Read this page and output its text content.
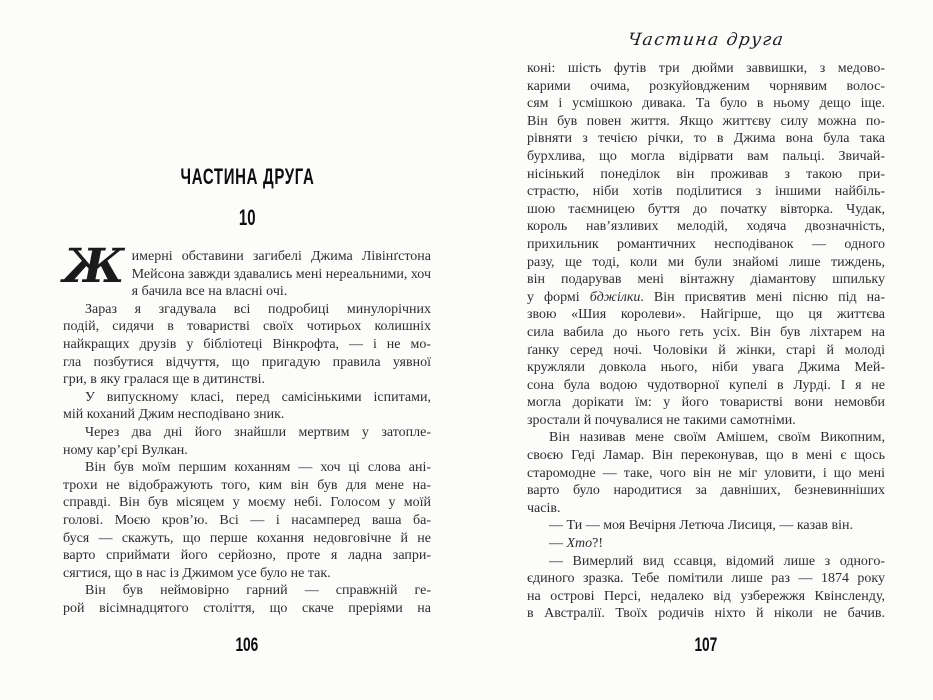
ЧАСТИНА ДРУГА
10
Ж имерні обставини загибелі Джима Лівінґстона
Мейсона завжди здавались мені нереальними, хоч
я бачила все на власні очі.
Зараз я згадувала всі подробиці минулорічних
подій, сидячи в товаристві своїх чотирьох колишніх
найкращих друзів у бібліотеці Вінкрофта, — і не мо-
гла позбутися відчуття, що пригадую правила уявної
гри, в яку гралася ще в дитинстві.
У випускному класі, перед самісінькими іспитами,
мій коханий Джим несподівано зник.
Через два дні його знайшли мертвим у затопле-
ному кар’єрі Вулкан.
Він був моїм першим коханням — хоч ці слова ані-
трохи не відображують того, ким він був для мене на-
справді. Він був місяцем у моєму небі. Голосом у моїй
голові. Моєю кров’ю. Всі — і насамперед ваша ба-
буся — скажуть, що перше кохання недовговічне й не
варто сприймати його серйозно, проте я ладна запри-
сягтися, що в нас із Джимом усе було не так.
Він був неймовірно гарний — справжній ге-
рой вісімнадцятого століття, що скаче преріями на
106
Частина друга
коні: шість футів три дюйми заввишки, з медово-
карими очима, розкуйовдженим чорнявим волос-
сям і усмішкою дивака. Та було в ньому дещо іще.
Він був повен життя. Якщо життєву силу можна по-
рівняти з течією річки, то в Джима вона була така
бурхлива, що могла відірвати вам пальці. Звичай-
нісінький понеділок він проживав з такою при-
страстю, ніби хотів поділитися з іншими найбіль-
шою таємницею буття до початку вівторка. Чудак,
король нав’язливих мелодій, ходяча двозначність,
прихильник романтичних несподіванок — одного
разу, ще тоді, коли ми були знайомі лише тиждень,
він подарував мені вінтажну діамантову шпильку
у формі бджілки. Він присвятив мені пісню під на-
звою «Шия королеви». Найгірше, що ця життєва
сила вабила до нього геть усіх. Він був ліхтарем на
ґанку серед ночі. Чоловіки й жінки, старі й молоді
кружляли довкола нього, ніби увага Джима Мей-
сона була водою чудотворної купелі в Лурді. І я не
могла дорікати їм: у його товаристві вони немовби
зростали й почувалися не такими самотніми.
Він називав мене своїм Амішем, своїм Викопним,
своєю Геді Ламар. Він переконував, що в мені є щось
старомодне — таке, чого він не міг уловити, і що мені
варто було народитися за давніших, безневинніших
часів.
— Ти — моя Вечірня Летюча Лисиця, — казав він.
— Хто?!
— Вимерлий вид ссавця, відомий лише з одного-
єдиного зразка. Тебе помітили лише раз — 1874 року
на острові Персі, недалеко від узбережжя Квінсленду,
в Австралії. Твоїх родичів ніхто й ніколи не бачив.
107
